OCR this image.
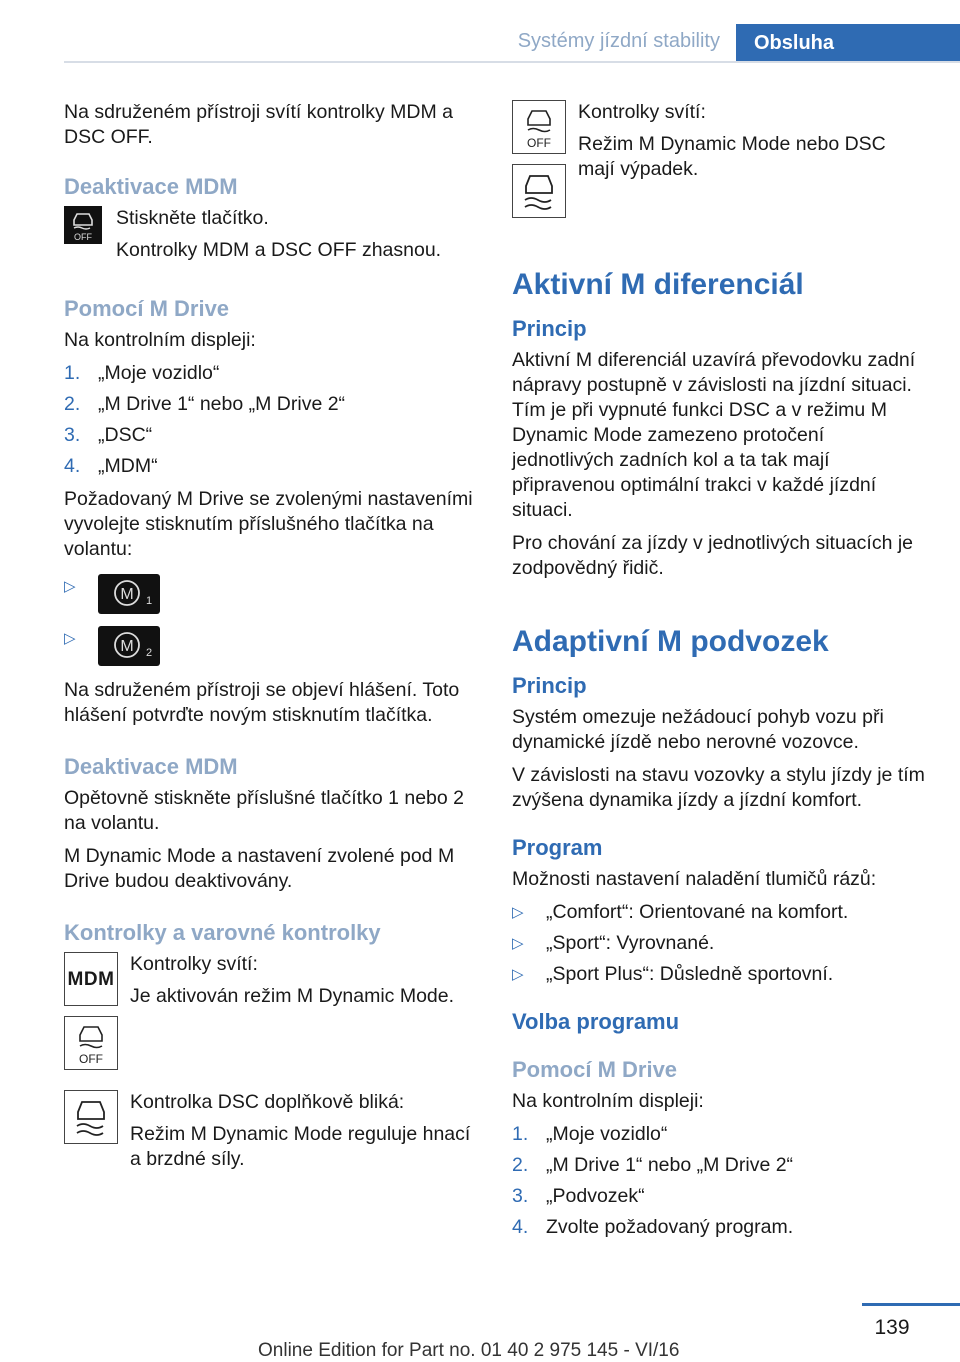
Systémy jízdní stability	Obsluha

Na sdruženém přístroji svítí kontrolky MDM a DSC OFF.

Deaktivace MDM
OFF

Stiskněte tlačítko.

Kontrolky MDM a DSC OFF zhasnou.

Pomocí M Drive

Na kontrolním displeji:

1. „Moje vozidlo“
2. „M Drive 1“ nebo „M Drive 2“
3. „DSC“
4. „MDM“

Požadovaný M Drive se zvolenými nastaveními vyvolejte stisknutím příslušného tlačítka na volantu:

▷	M 1
▷	M 2

Na sdruženém přístroji se objeví hlášení. Toto hlášení potvrďte novým stisknutím tlačítka.

Deaktivace MDM

Opětovně stiskněte příslušné tlačítko 1 nebo 2 na volantu.

M Dynamic Mode a nastavení zvolené pod M Drive budou deaktivovány.

Kontrolky a varovné kontrolky
MDM
OFF

Kontrolky svítí:

Je aktivován režim M Dynamic Mode.

Kontrolka DSC doplňkově bliká:

Režim M Dynamic Mode reguluje hnací a brzdné síly.

OFF

Kontrolky svítí:

Režim M Dynamic Mode nebo DSC mají výpadek.

Aktivní M diferenciál
Princip

Aktivní M diferenciál uzavírá převodovku zadní nápravy postupně v závislosti na jízdní situaci. Tím je při vypnuté funkci DSC a v režimu M Dynamic Mode zamezeno protočení jednotlivých zadních kol a ta tak mají připravenou optimální trakci v každé jízdní situaci.

Pro chování za jízdy v jednotlivých situacích je zodpovědný řidič.

Adaptivní M podvozek
Princip

Systém omezuje nežádoucí pohyb vozu při dynamické jízdě nebo nerovné vozovce.

V závislosti na stavu vozovky a stylu jízdy je tím zvýšena dynamika jízdy a jízdní komfort.

Program

Možnosti nastavení naladění tlumičů rázů:

▷	„Comfort“: Orientované na komfort.
▷	„Sport“: Vyrovnané.
▷	„Sport Plus“: Důsledně sportovní.
Volba programu
Pomocí M Drive

Na kontrolním displeji:

1. „Moje vozidlo“
2. „M Drive 1“ nebo „M Drive 2“
3. „Podvozek“
4. Zvolte požadovaný program.
139
Online Edition for Part no. 01 40 2 975 145 - VI/16
